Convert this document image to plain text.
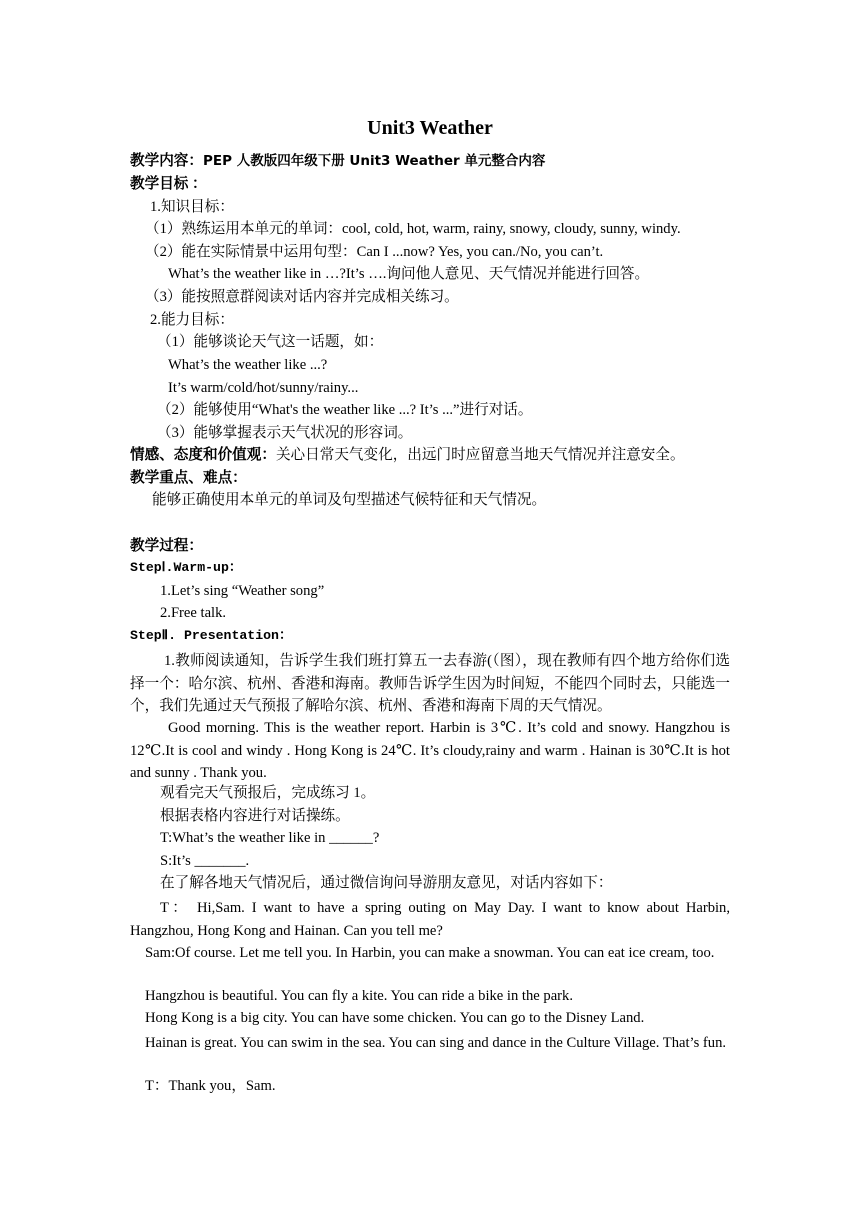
Unit3 Weather
教学内容：PEP 人教版四年级下册 Unit3 Weather 单元整合内容
教学目标 ：
1.知识目标：
（1）熟练运用本单元的单词：cool, cold, hot, warm, rainy, snowy, cloudy, sunny, windy.
（2）能在实际情景中运用句型：Can I ...now? Yes, you can./No, you can’t.
What’s the weather like in …?It’s ….询问他人意见、天气情况并能进行回答。
（3）能按照意群阅读对话内容并完成相关练习。
2.能力目标：
（1）能够谈论天气这一话题，如：
What’s the weather like ...?
It’s warm/cold/hot/sunny/rainy...
（2）能够使用“What's the weather like ...? It’s ...”进行对话。
（3）能够掌握表示天气状况的形容词。
情感、态度和价值观：关心日常天气变化，出远门时应留意当地天气情况并注意安全。
教学重点、难点：
能够正确使用本单元的单词及句型描述气候特征和天气情况。
教学过程：
StepⅠ.Warm-up：
1.Let’s sing “Weather song”
2.Free talk.
StepⅡ. Presentation：
1.教师阅读通知，告诉学生我们班打算五一去春游(（图），现在教师有四个地方给你们选择一个：哈尔滨、杭州、香港和海南。教师告诉学生因为时间短，不能四个同时去，只能选一个，我们先通过天气预报了解哈尔滨、杭州、香港和海南下周的天气情况。
Good morning. This is the weather report. Harbin is 3℃. It’s cold and snowy. Hangzhou is 12℃.It is cool and windy . Hong Kong is 24℃. It’s cloudy,rainy and warm . Hainan is 30℃.It is hot and sunny . Thank you.
观看完天气预报后，完成练习 1。
根据表格内容进行对话操练。
T:What’s the weather like in ______?
S:It’s _______.
在了解各地天气情况后，通过微信询问导游朋友意见，对话内容如下：
T： Hi,Sam. I want to have a spring outing on May Day. I want to know about Harbin, Hangzhou, Hong Kong and Hainan. Can you tell me?
Sam:Of course. Let me tell you. In Harbin, you can make a snowman. You can eat ice cream, too.
Hangzhou is beautiful. You can fly a kite. You can ride a bike in the park.
Hong Kong is a big city. You can have some chicken. You can go to the Disney Land.
Hainan is great. You can swim in the sea. You can sing and dance in the Culture Village. That’s fun.
T：Thank you，Sam.
